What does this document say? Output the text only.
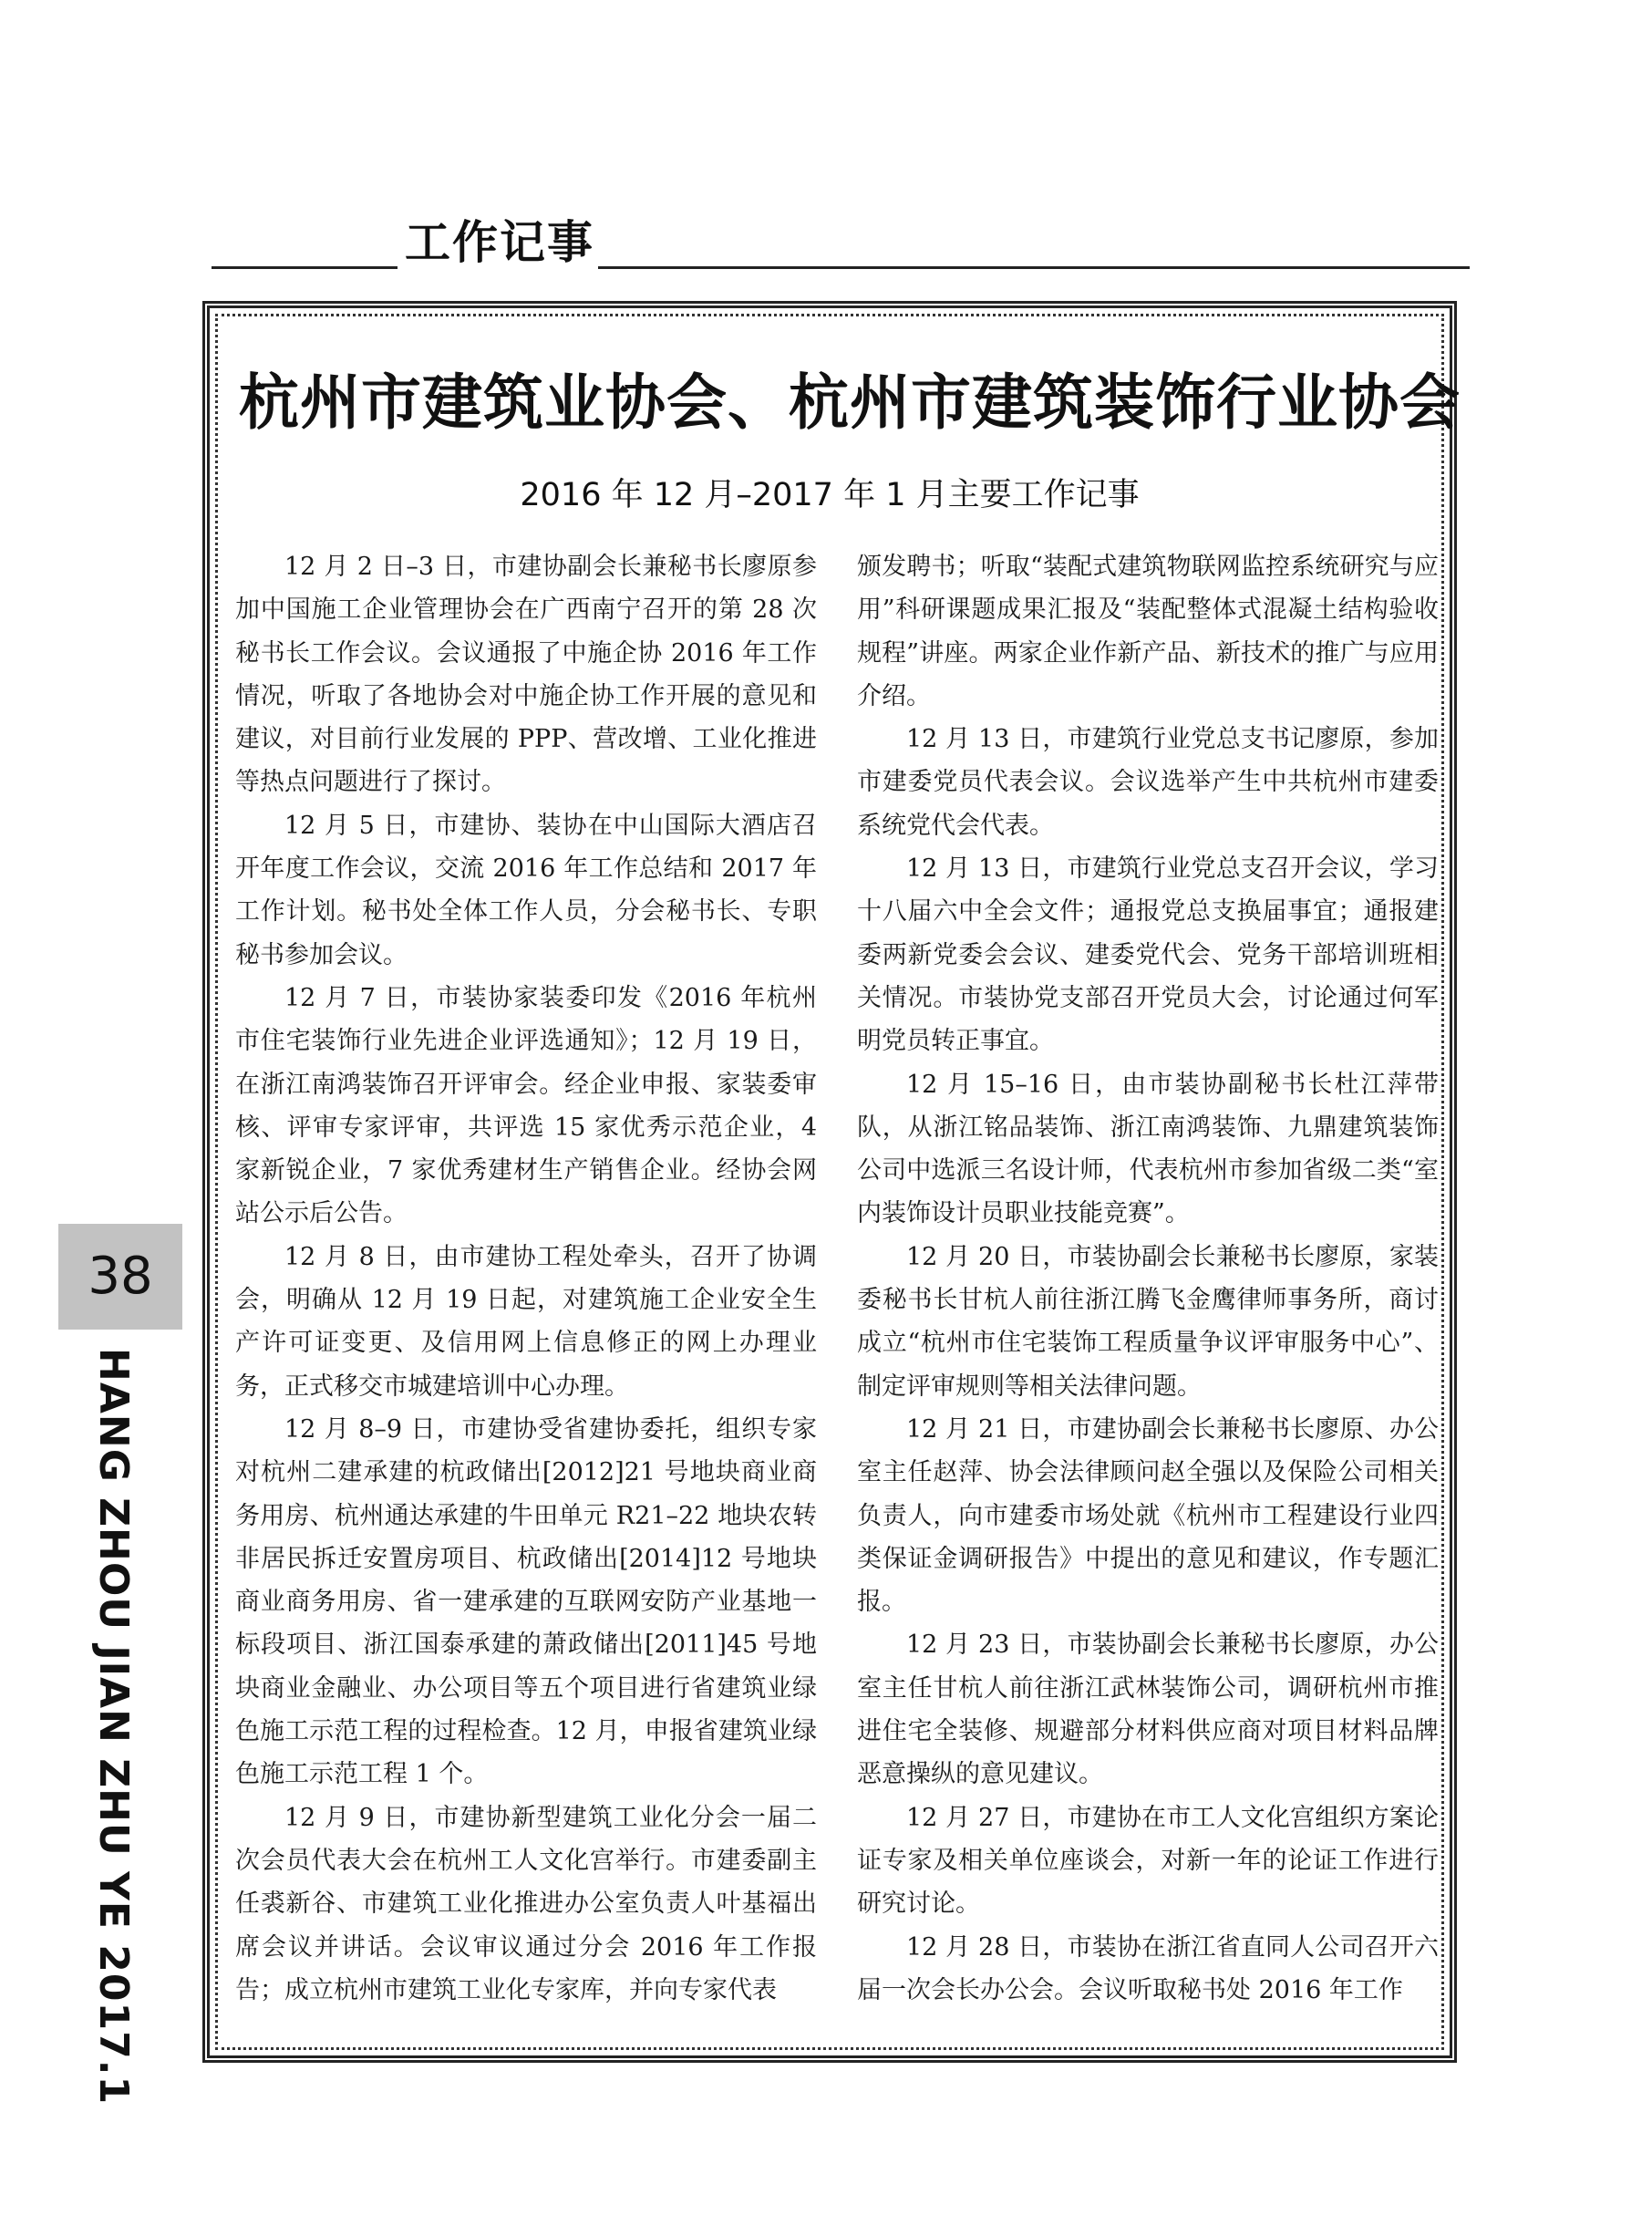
工作记事
杭州市建筑业协会、杭州市建筑装饰行业协会
2016 年 12 月–2017 年 1 月主要工作记事

12 月 2 日–3 日，市建协副会长兼秘书长廖原参加中国施工企业管理协会在广西南宁召开的第 28 次秘书长工作会议。会议通报了中施企协 2016 年工作情况，听取了各地协会对中施企协工作开展的意见和建议，对目前行业发展的 PPP、营改增、工业化推进等热点问题进行了探讨。

12 月 5 日，市建协、装协在中山国际大酒店召开年度工作会议，交流 2016 年工作总结和 2017 年工作计划。秘书处全体工作人员，分会秘书长、专职秘书参加会议。

12 月 7 日，市装协家装委印发《2016 年杭州市住宅装饰行业先进企业评选通知》；12 月 19 日，在浙江南鸿装饰召开评审会。经企业申报、家装委审核、评审专家评审，共评选 15 家优秀示范企业，4 家新锐企业，7 家优秀建材生产销售企业。经协会网站公示后公告。

12 月 8 日，由市建协工程处牵头，召开了协调会，明确从 12 月 19 日起，对建筑施工企业安全生产许可证变更、及信用网上信息修正的网上办理业务，正式移交市城建培训中心办理。

12 月 8–9 日，市建协受省建协委托，组织专家对杭州二建承建的杭政储出[2012]21 号地块商业商务用房、杭州通达承建的牛田单元 R21–22 地块农转非居民拆迁安置房项目、杭政储出[2014]12 号地块商业商务用房、省一建承建的互联网安防产业基地一标段项目、浙江国泰承建的萧政储出[2011]45 号地块商业金融业、办公项目等五个项目进行省建筑业绿色施工示范工程的过程检查。12 月，申报省建筑业绿色施工示范工程 1 个。

12 月 9 日，市建协新型建筑工业化分会一届二次会员代表大会在杭州工人文化宫举行。市建委副主任裘新谷、市建筑工业化推进办公室负责人叶基福出席会议并讲话。会议审议通过分会 2016 年工作报告；成立杭州市建筑工业化专家库，并向专家代表

颁发聘书；听取“装配式建筑物联网监控系统研究与应用”科研课题成果汇报及“装配整体式混凝土结构验收规程”讲座。两家企业作新产品、新技术的推广与应用介绍。

12 月 13 日，市建筑行业党总支书记廖原，参加市建委党员代表会议。会议选举产生中共杭州市建委系统党代会代表。

12 月 13 日，市建筑行业党总支召开会议，学习十八届六中全会文件；通报党总支换届事宜；通报建委两新党委会会议、建委党代会、党务干部培训班相关情况。市装协党支部召开党员大会，讨论通过何军明党员转正事宜。

12 月 15–16 日，由市装协副秘书长杜江萍带队，从浙江铭品装饰、浙江南鸿装饰、九鼎建筑装饰公司中选派三名设计师，代表杭州市参加省级二类“室内装饰设计员职业技能竞赛”。

12 月 20 日，市装协副会长兼秘书长廖原，家装委秘书长甘杭人前往浙江腾飞金鹰律师事务所，商讨成立“杭州市住宅装饰工程质量争议评审服务中心”、制定评审规则等相关法律问题。

12 月 21 日，市建协副会长兼秘书长廖原、办公室主任赵萍、协会法律顾问赵全强以及保险公司相关负责人，向市建委市场处就《杭州市工程建设行业四类保证金调研报告》中提出的意见和建议，作专题汇报。

12 月 23 日，市装协副会长兼秘书长廖原，办公室主任甘杭人前往浙江武林装饰公司，调研杭州市推进住宅全装修、规避部分材料供应商对项目材料品牌恶意操纵的意见建议。

12 月 27 日，市建协在市工人文化宫组织方案论证专家及相关单位座谈会，对新一年的论证工作进行研究讨论。

12 月 28 日，市装协在浙江省直同人公司召开六届一次会长办公会。会议听取秘书处 2016 年工作

38
HANG ZHOU JIAN ZHU YE 2017.1
